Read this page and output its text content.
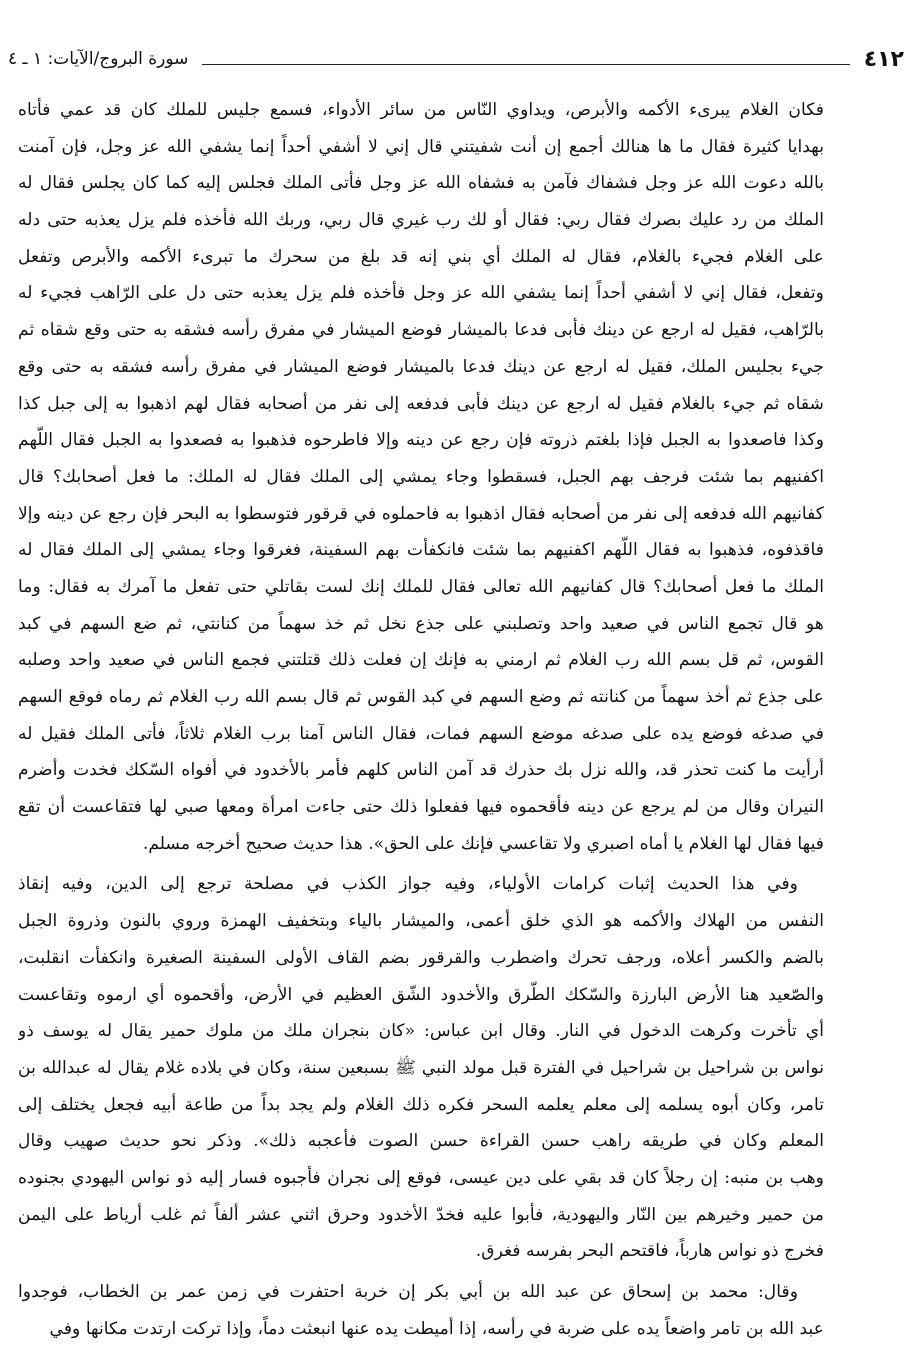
٤١٢
سورة البروج/الآيات: ١ ـ ٤
فكان الغلام يبرىء الأكمه والأبرص، ويداوي النّاس من سائر الأدواء، فسمع جليس للملك كان قد عمي فأتاه
بهدايا كثيرة فقال ما ها هنالك أجمع إن أنت شفيتني قال إني لا أشفي أحداً إنما يشفي الله عز وجل، فإن آمنت
بالله دعوت الله عز وجل فشفاك فآمن به فشفاه الله عز وجل فأتى الملك فجلس إليه كما كان يجلس فقال له
الملك من رد عليك بصرك فقال ربي: فقال أو لك رب غيري قال ربي، وربك الله فأخذه فلم يزل يعذبه حتى دله
على الغلام فجيء بالغلام، فقال له الملك أي بني إنه قد بلغ من سحرك ما تبرىء الأكمه والأبرص وتفعل
وتفعل، فقال إني لا أشفي أحداً إنما يشفي الله عز وجل فأخذه فلم يزل يعذبه حتى دل على الرّاهب فجيء له
بالرّاهب، فقيل له ارجع عن دينك فأبى فدعا بالميشار فوضع الميشار في مفرق رأسه فشقه به حتى وقع شقاه ثم
جيء بجليس الملك، فقيل له ارجع عن دينك فدعا بالميشار فوضع الميشار في مفرق رأسه فشقه به حتى وقع
شقاه ثم جيء بالغلام فقيل له ارجع عن دينك فأبى فدفعه إلى نفر من أصحابه فقال لهم اذهبوا به إلى جبل كذا
وكذا فاصعدوا به الجبل فإذا بلغتم ذروته فإن رجع عن دينه وإلا فاطرحوه فذهبوا به فصعدوا به الجبل فقال اللّهم
اكفنيهم بما شئت فرجف بهم الجبل، فسقطوا وجاء يمشي إلى الملك فقال له الملك: ما فعل أصحابك؟ قال
كفانيهم الله فدفعه إلى نفر من أصحابه فقال اذهبوا به فاحملوه في قرقور فتوسطوا به البحر فإن رجع عن دينه وإلا
فاقذفوه، فذهبوا به فقال اللّهم اكفنيهم بما شئت فانكفأت بهم السفينة، فغرقوا وجاء يمشي إلى الملك فقال له
الملك ما فعل أصحابك؟ قال كفانيهم الله تعالى فقال للملك إنك لست بقاتلي حتى تفعل ما آمرك به فقال: وما
هو قال تجمع الناس في صعيد واحد وتصلبني على جذع نخل ثم خذ سهماً من كنانتي، ثم ضع السهم في كبد
القوس، ثم قل بسم الله رب الغلام ثم ارمني به فإنك إن فعلت ذلك قتلتني فجمع الناس في صعيد واحد وصلبه
على جذع ثم أخذ سهماً من كنانته ثم وضع السهم في كبد القوس ثم قال بسم الله رب الغلام ثم رماه فوقع السهم
في صدغه فوضع يده على صدغه موضع السهم فمات، فقال الناس آمنا برب الغلام ثلاثاً، فأتى الملك فقيل له
أرأيت ما كنت تحذر قد، والله نزل بك حذرك قد آمن الناس كلهم فأمر بالأخدود في أفواه السّكك فخدت وأضرم
النيران وقال من لم يرجع عن دينه فأقحموه فيها ففعلوا ذلك حتى جاءت امرأة ومعها صبي لها فتقاعست أن تقع
فيها فقال لها الغلام يا أماه اصبري ولا تقاعسي فإنك على الحق». هذا حديث صحيح أخرجه مسلم.
وفي هذا الحديث إثبات كرامات الأولياء، وفيه جواز الكذب في مصلحة ترجع إلى الدين، وفيه إنقاذ
النفس من الهلاك والأكمه هو الذي خلق أعمى، والميشار بالياء وبتخفيف الهمزة وروي بالنون وذروة الجبل
بالضم والكسر أعلاه، ورجف تحرك واضطرب والقرقور بضم القاف الأولى السفينة الصغيرة وانكفأت انقلبت،
والصّعيد هنا الأرض البارزة والسّكك الطّرق والأخدود الشّق العظيم في الأرض، وأقحموه أي ارموه وتقاعست
أي تأخرت وكرهت الدخول في النار. وقال ابن عباس: «كان بنجران ملك من ملوك حمير يقال له يوسف ذو
نواس بن شراحيل بن شراحيل في الفترة قبل مولد النبي ﷺ بسبعين سنة، وكان في بلاده غلام يقال له عبدالله بن
تامر، وكان أبوه يسلمه إلى معلم يعلمه السحر فكره ذلك الغلام ولم يجد بداً من طاعة أبيه فجعل يختلف إلى
المعلم وكان في طريقه راهب حسن القراءة حسن الصوت فأعجبه ذلك». وذكر نحو حديث صهيب وقال
وهب بن منبه: إن رجلاً كان قد بقي على دين عيسى، فوقع إلى نجران فأجبوه فسار إليه ذو نواس اليهودي بجنوده
من حمير وخيرهم بين النّار واليهودية، فأبوا عليه فخدّ الأخدود وحرق اثني عشر ألفاً ثم غلب أرياط على اليمن
فخرج ذو نواس هارباً، فاقتحم البحر بفرسه فغرق.
وقال: محمد بن إسحاق عن عبد الله بن أبي بكر إن خربة احتفرت في زمن عمر بن الخطاب، فوجدوا
عبد الله بن تامر واضعاً يده على ضربة في رأسه، إذا أميطت يده عنها انبعثت دماً، وإذا تركت ارتدت مكانها وفي
